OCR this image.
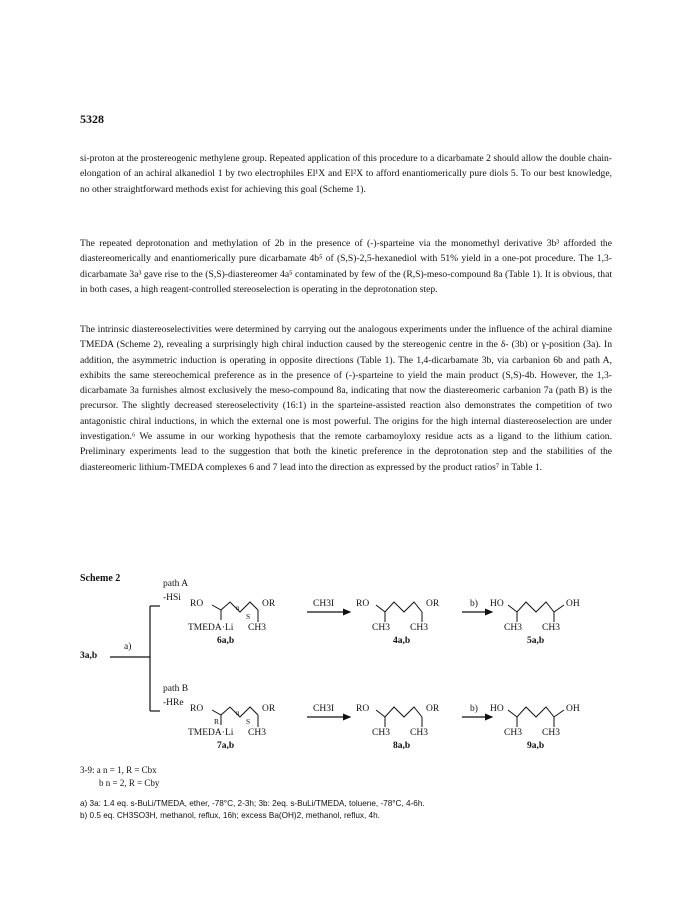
5328

si-proton at the prostereogenic methylene group. Repeated application of this procedure to a dicarbamate 2 should allow the double chain-elongation of an achiral alkanediol 1 by two electrophiles El¹X and El²X to afford enantiomerically pure diols 5. To our best knowledge, no other straightforward methods exist for achieving this goal (Scheme 1).

The repeated deprotonation and methylation of 2b in the presence of (-)-sparteine via the monomethyl derivative 3b³ afforded the diastereomerically and enantiomerically pure dicarbamate 4b⁵ of (S,S)-2,5-hexanediol with 51% yield in a one-pot procedure. The 1,3-dicarbamate 3a³ gave rise to the (S,S)-diastereomer 4a⁵ contaminated by few of the (R,S)-meso-compound 8a (Table 1). It is obvious, that in both cases, a high reagent-controlled stereoselection is operating in the deprotonation step.

The intrinsic diastereoselectivities were determined by carrying out the analogous experiments under the influence of the achiral diamine TMEDA (Scheme 2), revealing a surprisingly high chiral induction caused by the stereogenic centre in the δ- (3b) or γ-position (3a). In addition, the asymmetric induction is operating in opposite directions (Table 1). The 1,4-dicarbamate 3b, via carbanion 6b and path A, exhibits the same stereochemical preference as in the presence of (-)-sparteine to yield the main product (S,S)-4b. However, the 1,3-dicarbamate 3a furnishes almost exclusively the meso-compound 8a, indicating that now the diastereomeric carbanion 7a (path B) is the precursor. The slightly decreased stereoselectivity (16:1) in the sparteine-assisted reaction also demonstrates the competition of two antagonistic chiral inductions, in which the external one is most powerful. The origins for the high internal diastereoselection are under investigation.⁶ We assume in our working hypothesis that the remote carbamoyloxy residue acts as a ligand to the lithium cation. Preliminary experiments lead to the suggestion that both the kinetic preference in the deprotonation step and the stabilities of the diastereomeric lithium-TMEDA complexes 6 and 7 lead into the direction as expressed by the product ratios⁷ in Table 1.

Scheme 2
3a,b
a)
path A
-HSi
RO
S
n OR
TMEDA·Li CH3
6a,b
CH3I RO	OR
CH3 CH3
4a,b
b) HO	OH
CH3 CH3
5a,b
path B
-HRe
RO
R	S
n OR
TMEDA·Li CH3
7a,b
CH3I RO	OR
CH3 CH3
8a,b
b) HO	OH
CH3 CH3
9a,b
3-9: a n = 1, R = Cbx
b n = 2, R = Cby
a) 3a: 1.4 eq. s-BuLi/TMEDA, ether, -78°C, 2-3h; 3b: 2eq. s-BuLi/TMEDA, toluene, -78°C, 4-6h.
b) 0.5 eq. CH3SO3H, methanol, reflux, 16h; excess Ba(OH)2, methanol, reflux, 4h.
